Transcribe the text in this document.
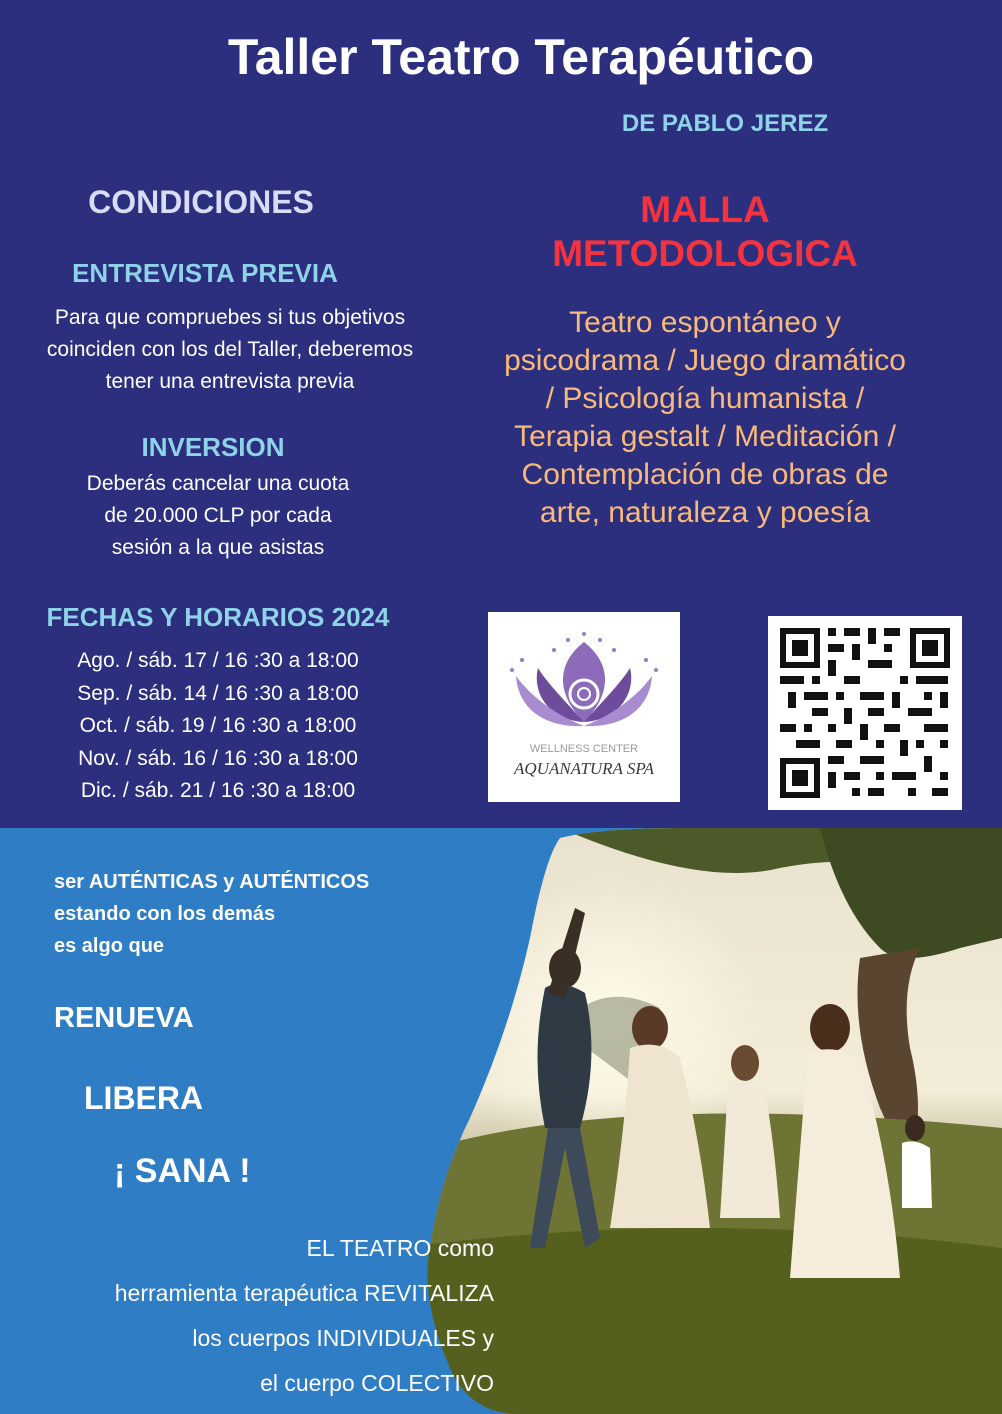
Taller Teatro Terapéutico
DE PABLO JEREZ
CONDICIONES
ENTREVISTA PREVIA
Para que compruebes si tus objetivos
coinciden con los del Taller, deberemos
tener una entrevista previa
INVERSION
Deberás cancelar una cuota
de 20.000 CLP por cada
sesión a la que asistas
FECHAS Y HORARIOS 2024
Ago. / sáb. 17 / 16 :30 a 18:00
Sep. / sáb. 14 / 16 :30 a 18:00
Oct. / sáb. 19 / 16 :30 a 18:00
Nov. / sáb. 16 / 16 :30 a 18:00
Dic. / sáb. 21 / 16 :30 a 18:00
MALLA
METODOLOGICA
Teatro espontáneo y
psicodrama / Juego dramático
/ Psicología humanista /
Terapia gestalt / Meditación /
Contemplación de obras de
arte, naturaleza y poesía
WELLNESS CENTER
AQUANATURA SPA
ser AUTÉNTICAS y AUTÉNTICOS
estando con los demás
es algo que
RENUEVA
LIBERA
¡ SANA !
EL TEATRO como
herramienta terapéutica REVITALIZA
los cuerpos INDIVIDUALES y
el cuerpo COLECTIVO
